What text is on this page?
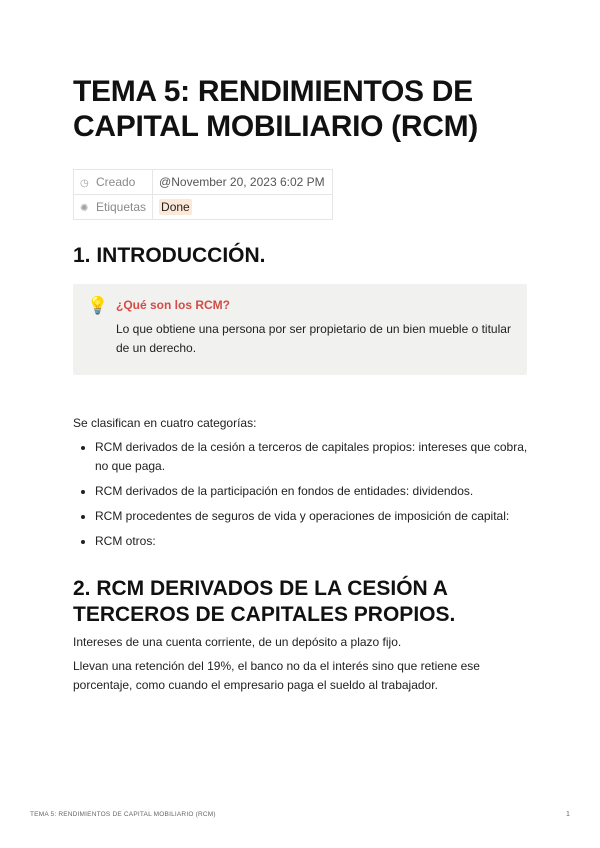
TEMA 5: RENDIMIENTOS DE CAPITAL MOBILIARIO (RCM)
◷ Creado	@November 20, 2023 6:02 PM
✺ Etiquetas	Done
1. INTRODUCCIÓN.
💡 ¿Qué son los RCM?
Lo que obtiene una persona por ser propietario de un bien mueble o titular de un derecho.

Se clasifican en cuatro categorías:

RCM derivados de la cesión a terceros de capitales propios: intereses que cobra, no que paga.
RCM derivados de la participación en fondos de entidades: dividendos.
RCM procedentes de seguros de vida y operaciones de imposición de capital:
RCM otros:
2. RCM DERIVADOS DE LA CESIÓN A TERCEROS DE CAPITALES PROPIOS.

Intereses de una cuenta corriente, de un depósito a plazo fijo.

Llevan una retención del 19%, el banco no da el interés sino que retiene ese porcentaje, como cuando el empresario paga el sueldo al trabajador.

TEMA 5: RENDIMIENTOS DE CAPITAL MOBILIARIO (RCM)	1
